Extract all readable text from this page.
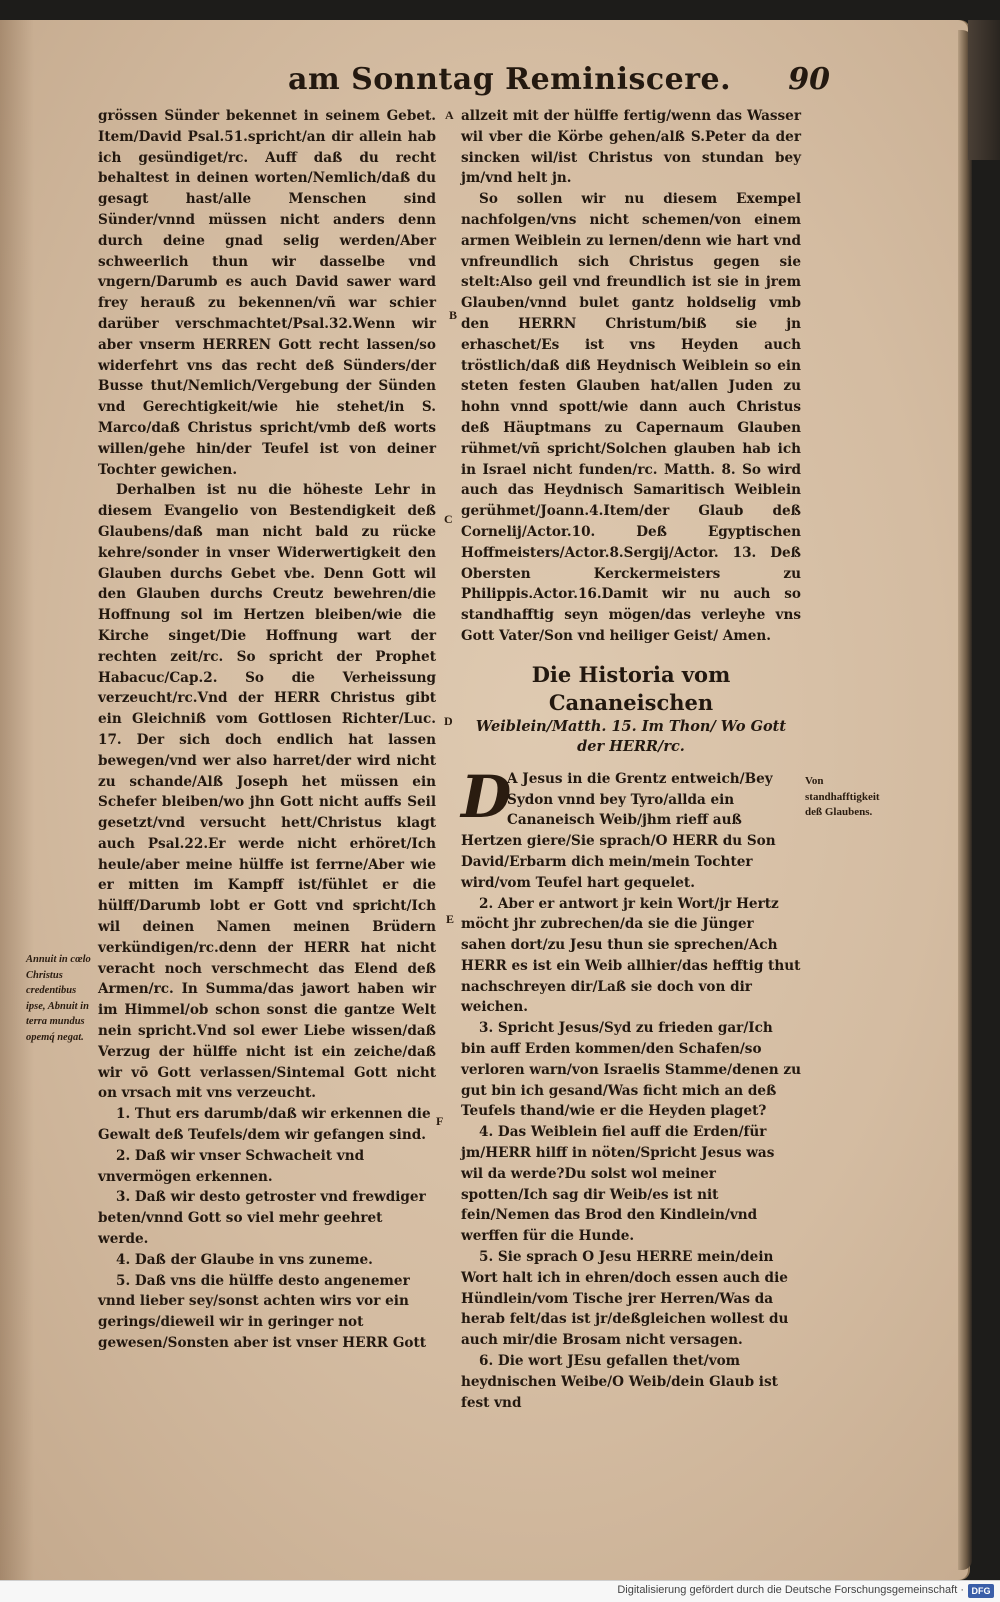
am Sonntag Reminiscere.	90
A
B
C
D
E
F

grössen Sünder bekennet in seinem Gebet. Item/David Psal.51.spricht/an dir allein hab ich gesündiget/rc. Auff daß du recht behaltest in deinen worten/Nemlich/daß du gesagt hast/alle Menschen sind Sünder/vnnd müssen nicht anders denn durch deine gnad selig werden/Aber schweerlich thun wir dasselbe vnd vngern/Darumb es auch David sawer ward frey herauß zu bekennen/vñ war schier darüber verschmachtet/Psal.32.Wenn wir aber vnserm HERREN Gott recht lassen/so widerfehrt vns das recht deß Sünders/der Busse thut/Nemlich/Vergebung der Sünden vnd Gerechtigkeit/wie hie stehet/in S. Marco/daß Christus spricht/vmb deß worts willen/gehe hin/der Teufel ist von deiner Tochter gewichen.

Derhalben ist nu die höheste Lehr in diesem Evangelio von Bestendigkeit deß Glaubens/daß man nicht bald zu rücke kehre/sonder in vnser Widerwertigkeit den Glauben durchs Gebet vbe. Denn Gott wil den Glauben durchs Creutz bewehren/die Hoffnung sol im Hertzen bleiben/wie die Kirche singet/Die Hoffnung wart der rechten zeit/rc. So spricht der Prophet Habacuc/Cap.2. So die Verheissung verzeucht/rc.Vnd der HERR Christus gibt ein Gleichniß vom Gottlosen Richter/Luc. 17. Der sich doch endlich hat lassen bewegen/vnd wer also harret/der wird nicht zu schande/Alß Joseph het müssen ein Schefer bleiben/wo jhn Gott nicht auffs Seil gesetzt/vnd versucht hett/Christus klagt auch Psal.22.Er werde nicht erhöret/Ich heule/aber meine hülffe ist ferrne/Aber wie er mitten im Kampff ist/fühlet er die hülff/Darumb lobt er Gott vnd spricht/Ich wil deinen Namen meinen Brüdern verkündigen/rc.denn der HERR hat nicht veracht noch verschmecht das Elend deß Armen/rc. In Summa/das jawort haben wir im Himmel/ob schon sonst die gantze Welt nein spricht.Vnd sol ewer Liebe wissen/daß Verzug der hülffe nicht ist ein zeiche/daß wir vō Gott verlassen/Sintemal Gott nicht on vrsach mit vns verzeucht.

1. Thut ers darumb/daß wir erkennen die Gewalt deß Teufels/dem wir gefangen sind.

2. Daß wir vnser Schwacheit vnd vnvermögen erkennen.

3. Daß wir desto getroster vnd frewdiger beten/vnnd Gott so viel mehr geehret werde.

4. Daß der Glaube in vns zuneme.

5. Daß vns die hülffe desto angenemer vnnd lieber sey/sonst achten wirs vor ein gerings/dieweil wir in geringer not gewesen/Sonsten aber ist vnser HERR Gott

allzeit mit der hülffe fertig/wenn das Wasser wil vber die Körbe gehen/alß S.Peter da der sincken wil/ist Christus von stundan bey jm/vnd helt jn.

So sollen wir nu diesem Exempel nachfolgen/vns nicht schemen/von einem armen Weiblein zu lernen/denn wie hart vnd vnfreundlich sich Christus gegen sie stelt:Also geil vnd freundlich ist sie in jrem Glauben/vnnd bulet gantz holdselig vmb den HERRN Christum/biß sie jn erhaschet/Es ist vns Heyden auch tröstlich/daß diß Heydnisch Weiblein so ein steten festen Glauben hat/allen Juden zu hohn vnnd spott/wie dann auch Christus deß Häuptmans zu Capernaum Glauben rühmet/vñ spricht/Solchen glauben hab ich in Israel nicht funden/rc. Matth. 8. So wird auch das Heydnisch Samaritisch Weiblein gerühmet/Joann.4.Item/der Glaub deß Cornelij/Actor.10. Deß Egyptischen Hoffmeisters/Actor.8.Sergij/Actor. 13. Deß Obersten Kerckermeisters zu Philippis.Actor.16.Damit wir nu auch so standhafftig seyn mögen/das verleyhe vns Gott Vater/Son vnd heiliger Geist/ Amen.

Die Historia vom Cananeischen
Weiblein/Matth. 15. Im Thon/ Wo Gott der HERR/rc.
D

A Jesus in die Grentz entweich/Bey Sydon vnnd bey Tyro/allda ein Cananeisch Weib/jhm rieff auß Hertzen giere/Sie sprach/O HERR du Son David/Erbarm dich mein/mein Tochter wird/vom Teufel hart gequelet.

2. Aber er antwort jr kein Wort/jr Hertz möcht jhr zubrechen/da sie die Jünger sahen dort/zu Jesu thun sie sprechen/Ach HERR es ist ein Weib allhier/das hefftig thut nachschreyen dir/Laß sie doch von dir weichen.

3. Spricht Jesus/Syd zu frieden gar/Ich bin auff Erden kommen/den Schafen/so verloren warn/von Israelis Stamme/denen zu gut bin ich gesand/Was ficht mich an deß Teufels thand/wie er die Heyden plaget?

4. Das Weiblein fiel auff die Erden/für jm/HERR hilff in nöten/Spricht Jesus was wil da werde?Du solst wol meiner spotten/Ich sag dir Weib/es ist nit fein/Nemen das Brod den Kindlein/vnd werffen für die Hunde.

5. Sie sprach O Jesu HERRE mein/dein Wort halt ich in ehren/doch essen auch die Hündlein/vom Tische jrer Herren/Was da herab felt/das ist jr/deßgleichen wollest du auch mir/die Brosam nicht versagen.

6. Die wort JEsu gefallen thet/vom heydnischen Weibe/O Weib/dein Glaub ist fest vnd

Annuit in cœlo Christus credentibus ipse, Abnuit in terra mundus opemq́ negat.
Von standhafftigkeit deß Glaubens.
Digitalisierung gefördert durch die Deutsche Forschungsgemeinschaft · DFG
